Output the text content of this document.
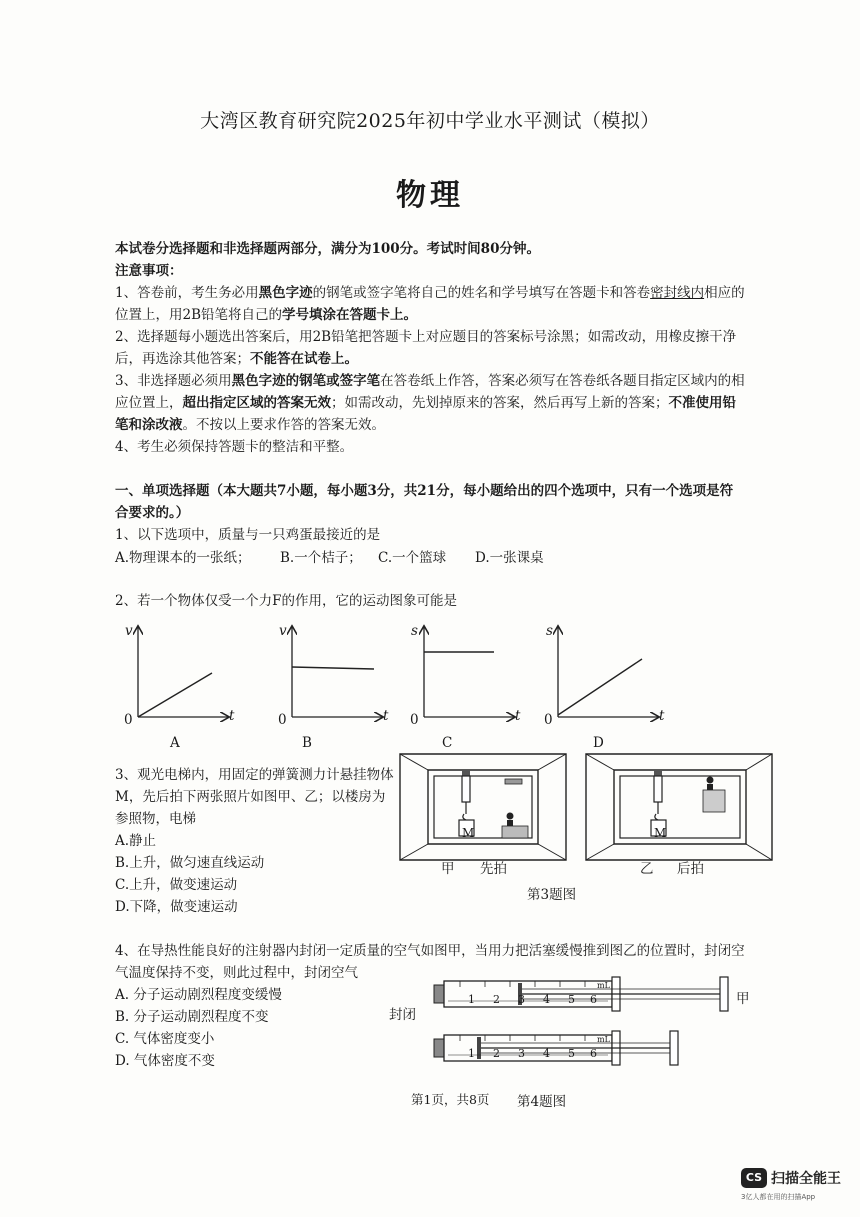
大湾区教育研究院2025年初中学业水平测试（模拟）
物理
本试卷分选择题和非选择题两部分，满分为100分。考试时间80分钟。
注意事项：
1、答卷前，考生务必用黑色字迹的钢笔或签字笔将自己的姓名和学号填写在答题卡和答卷密封线内相应的
位置上，用2B铅笔将自己的学号填涂在答题卡上。
2、选择题每小题选出答案后，用2B铅笔把答题卡上对应题目的答案标号涂黑；如需改动，用橡皮擦干净
后，再选涂其他答案；不能答在试卷上。
3、非选择题必须用黑色字迹的钢笔或签字笔在答卷纸上作答，答案必须写在答卷纸各题目指定区域内的相
应位置上，超出指定区域的答案无效；如需改动，先划掉原来的答案，然后再写上新的答案；不准使用铅
笔和涂改液。不按以上要求作答的答案无效。
4、考生必须保持答题卡的整洁和平整。
一、单项选择题（本大题共7小题，每小题3分，共21分，每小题给出的四个选项中，只有一个选项是符
合要求的。）
1、以下选项中，质量与一只鸡蛋最接近的是
A.物理课本的一张纸； B.一个桔子； C.一个篮球 D.一张课桌
2、若一个物体仅受一个力F的作用，它的运动图象可能是
v
0	t
A
v
0	t
B
s
0	t
C
s
0	t
D
3、观光电梯内，用固定的弹簧测力计悬挂物体
M，先后拍下两张照片如图甲、乙；以楼房为
参照物，电梯
A.静止
B.上升，做匀速直线运动
C.上升，做变速运动
D.下降，做变速运动
M	M
甲 先拍	乙 后拍
第3题图
4、在导热性能良好的注射器内封闭一定质量的空气如图甲，当用力把活塞缓慢推到图乙的位置时，封闭空
气温度保持不变，则此过程中，封闭空气
A. 分子运动剧烈程度变缓慢
B. 分子运动剧烈程度不变
C. 气体密度变小
D. 气体密度不变
1 2 3 4 5 6
mL
1 2 3 4 5 6
mL
封闭
甲
第1页，共8页 第4题图
CS 扫描全能王
3亿人都在用的扫描App
